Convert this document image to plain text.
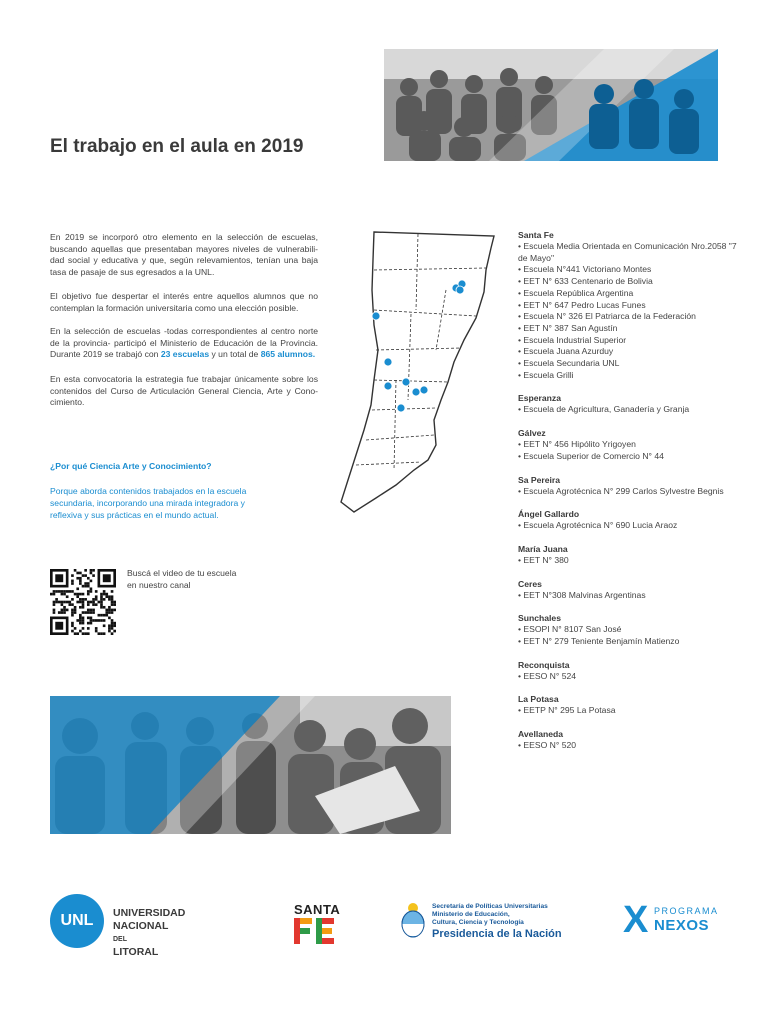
El trabajo en el aula en 2019

En 2019 se incorporó otro elemento en la selección de escuelas, buscando aquellas que presentaban mayores niveles de vulnerabili-dad social y educativa y que, según relevamientos, tenían una baja tasa de pasaje de sus egresados a la UNL.

El objetivo fue despertar el interés entre aquellos alumnos que no contemplan la formación universitaria como una elección posible.

En la selección de escuelas -todas correspondientes al centro norte de la provincia- participó el Ministerio de Educación de la Provincia. Durante 2019 se trabajó con 23 escuelas y un total de 865 alumnos.

En esta convocatoria la estrategia fue trabajar únicamente sobre los contenidos del Curso de Articulación General Ciencia, Arte y Cono-cimiento.

¿Por qué Ciencia Arte y Conocimiento?

Porque aborda contenidos trabajados en la escuela secundaria, incorporando una mirada integradora y reflexiva y sus prácticas en el mundo actual.

Buscá el video de tu escuela en nuestro canal

Santa Fe

• Escuela Media Orientada en Comunicación Nro.2058 "7 de Mayo"

• Escuela N°441 Victoriano Montes

• EET N° 633 Centenario de Bolivia

• Escuela República Argentina

• EET N° 647 Pedro Lucas Funes

• Escuela N° 326 El Patriarca de la Federación

• EET N° 387 San Agustín

• Escuela Industrial Superior

• Escuela Juana Azurduy

• Escuela Secundaria UNL

• Escuela Grilli

Esperanza

• Escuela de Agricultura, Ganadería y Granja

Gálvez

• EET N° 456 Hipólito Yrigoyen

• Escuela Superior de Comercio N° 44

Sa Pereira

• Escuela Agrotécnica N° 299 Carlos Sylvestre Begnis

Ángel Gallardo

• Escuela Agrotécnica N° 690 Lucia Araoz

María Juana

• EET N° 380

Ceres

• EET N°308 Malvinas Argentinas

Sunchales

• ESOPI N° 8107 San José

• EET N° 279 Teniente Benjamín Matienzo

Reconquista

• EESO N° 524

La Potasa

• EETP N° 295 La Potasa

Avellaneda

• EESO N° 520

UNL	UNIVERSIDAD
NACIONAL
DEL
LITORAL

SANTA
FE

Secretaría de Políticas Universitarias
Ministerio de Educación,
Cultura, Ciencia y Tecnología

Presidencia de la Nación X PROGRAMA

NEXOS
